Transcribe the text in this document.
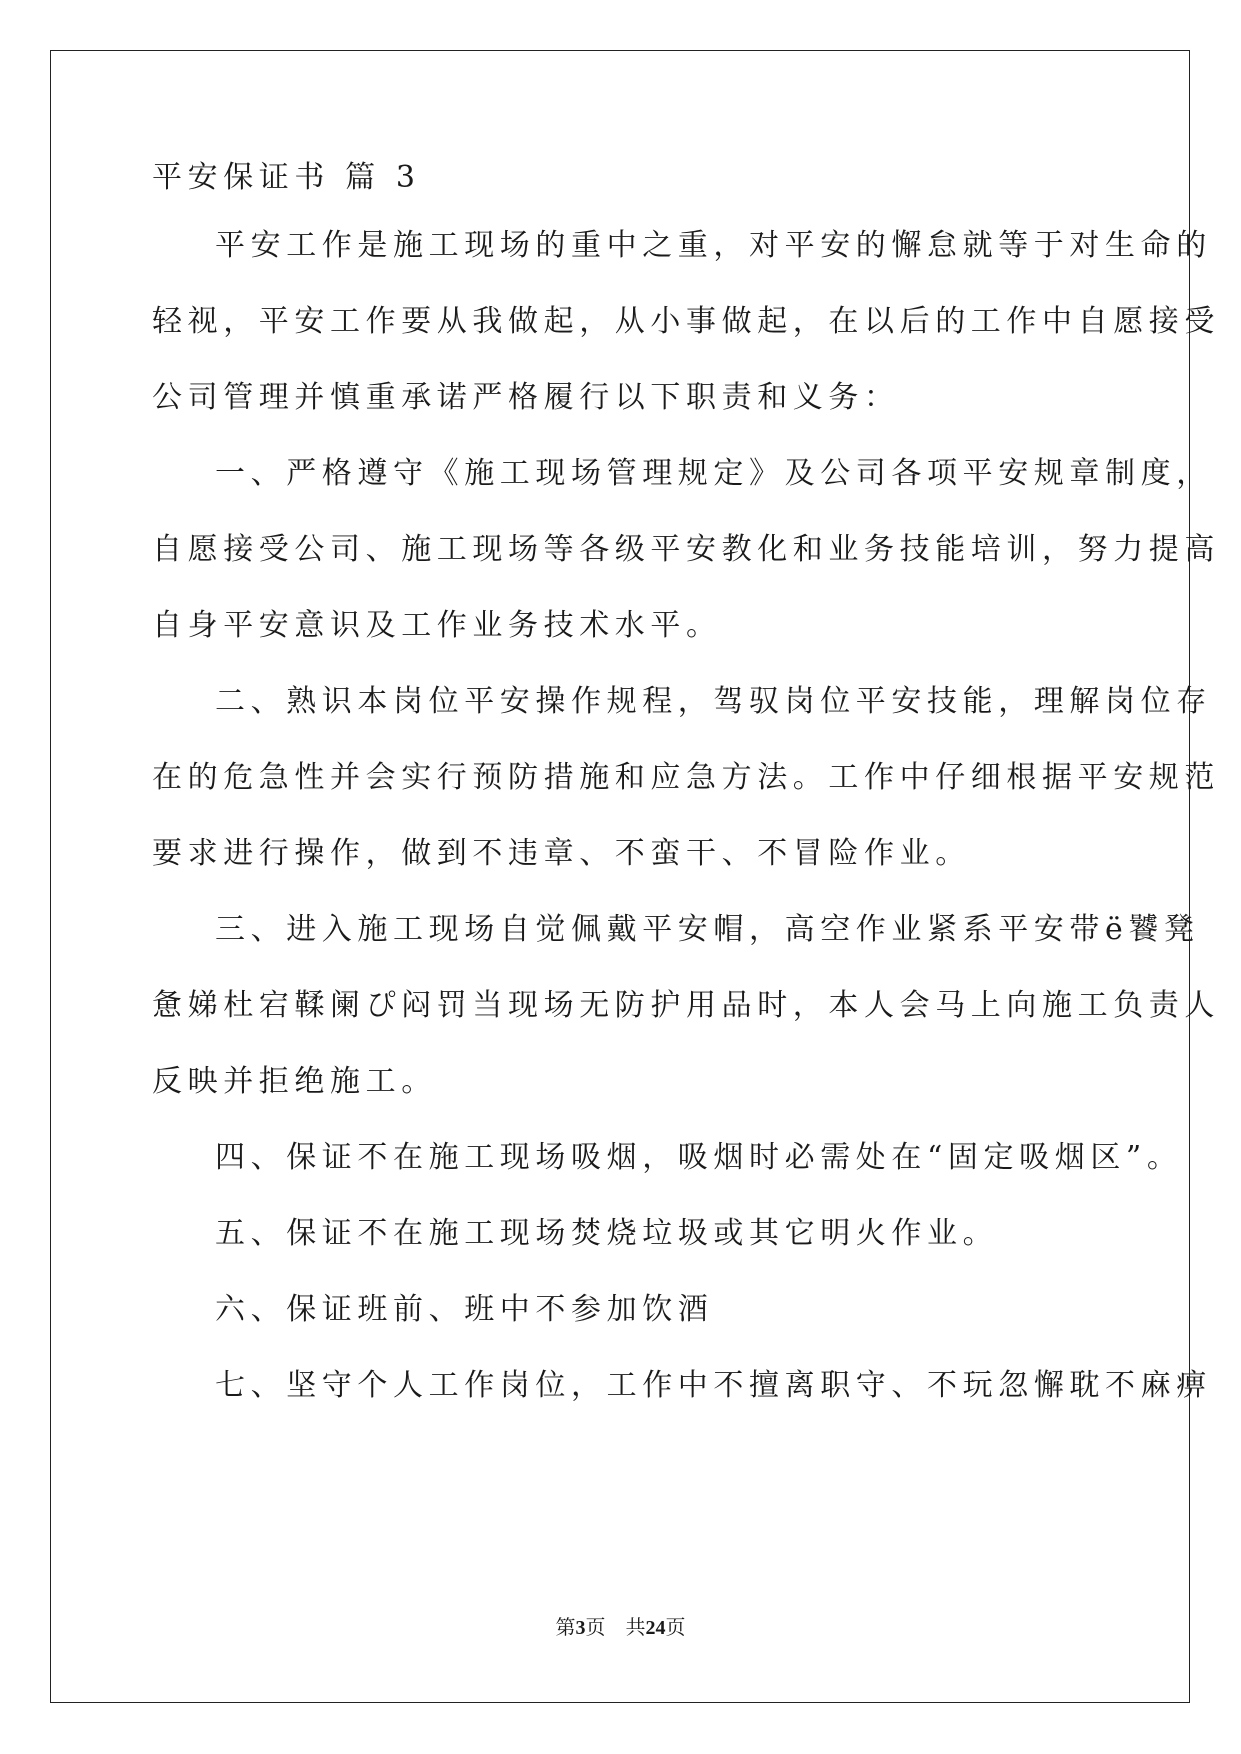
平安保证书 篇 3
平安工作是施工现场的重中之重，对平安的懈怠就等于对生命的
轻视，平安工作要从我做起，从小事做起，在以后的工作中自愿接受
公司管理并慎重承诺严格履行以下职责和义务：
一、严格遵守《施工现场管理规定》及公司各项平安规章制度，
自愿接受公司、施工现场等各级平安教化和业务技能培训，努力提高
自身平安意识及工作业务技术水平。
二、熟识本岗位平安操作规程，驾驭岗位平安技能，理解岗位存
在的危急性并会实行预防措施和应急方法。工作中仔细根据平安规范
要求进行操作，做到不违章、不蛮干、不冒险作业。
三、进入施工现场自觉佩戴平安帽，高空作业紧系平安带ё饕凳
惫娣杜宕鞣阑ぴ闷罚当现场无防护用品时，本人会马上向施工负责人
反映并拒绝施工。
四、保证不在施工现场吸烟，吸烟时必需处在“固定吸烟区”。
五、保证不在施工现场焚烧垃圾或其它明火作业。
六、保证班前、班中不参加饮酒
七、坚守个人工作岗位，工作中不擅离职守、不玩忽懈耽不麻痹
第3页 共24页
